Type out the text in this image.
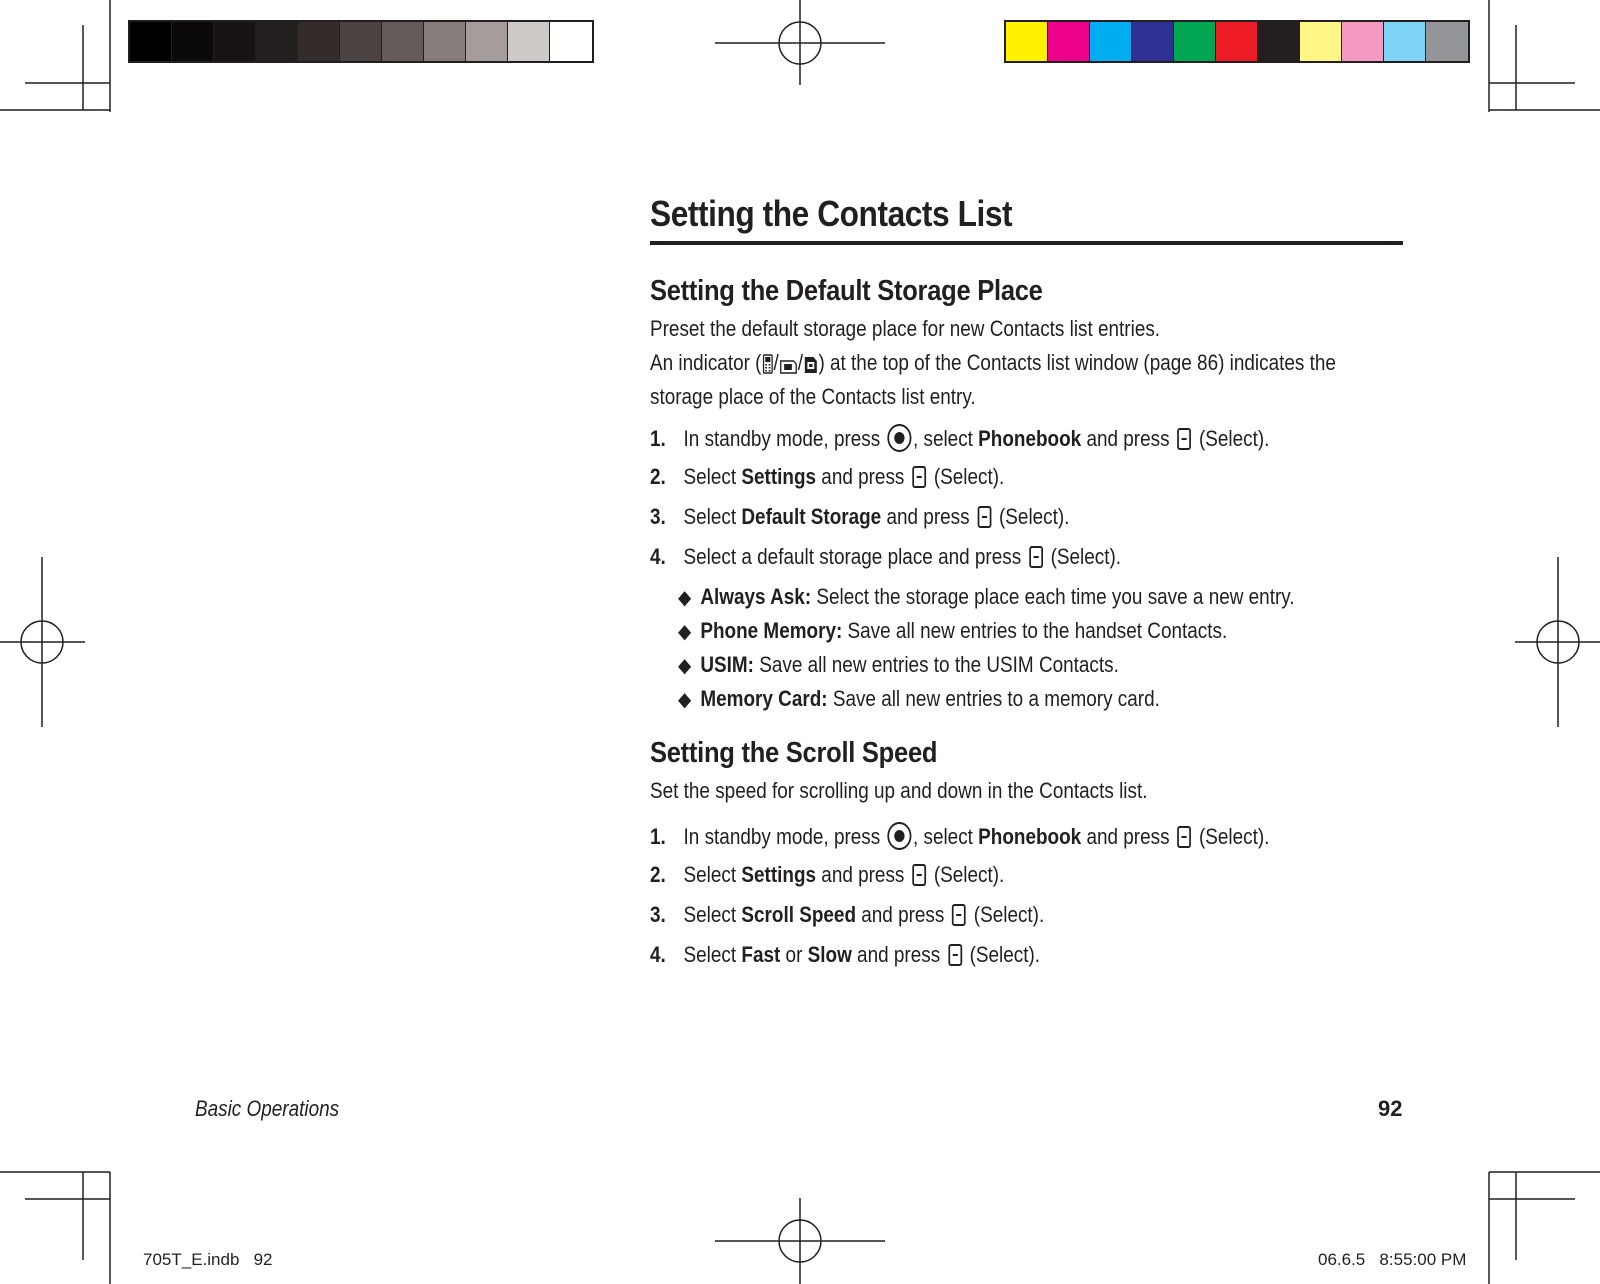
Setting the Contacts List
Setting the Default Storage Place

Preset the default storage place for new Contacts list entries.

An indicator ( / / ) at the top of the Contacts list window (page 86) indicates the storage place of the Contacts list entry.

1. In standby mode, press , select Phonebook and press  (Select).
2. Select Settings and press  (Select).
3. Select Default Storage and press  (Select).
4. Select a default storage place and press  (Select).
◆ Always Ask: Select the storage place each time you save a new entry.
◆ Phone Memory: Save all new entries to the handset Contacts.
◆ USIM: Save all new entries to the USIM Contacts.
◆ Memory Card: Save all new entries to a memory card.
Setting the Scroll Speed

Set the speed for scrolling up and down in the Contacts list.

1. In standby mode, press , select Phonebook and press  (Select).
2. Select Settings and press  (Select).
3. Select Scroll Speed and press  (Select).
4. Select Fast or Slow and press  (Select).
Basic Operations	92
705T_E.indb   92	06.6.5   8:55:00 PM
